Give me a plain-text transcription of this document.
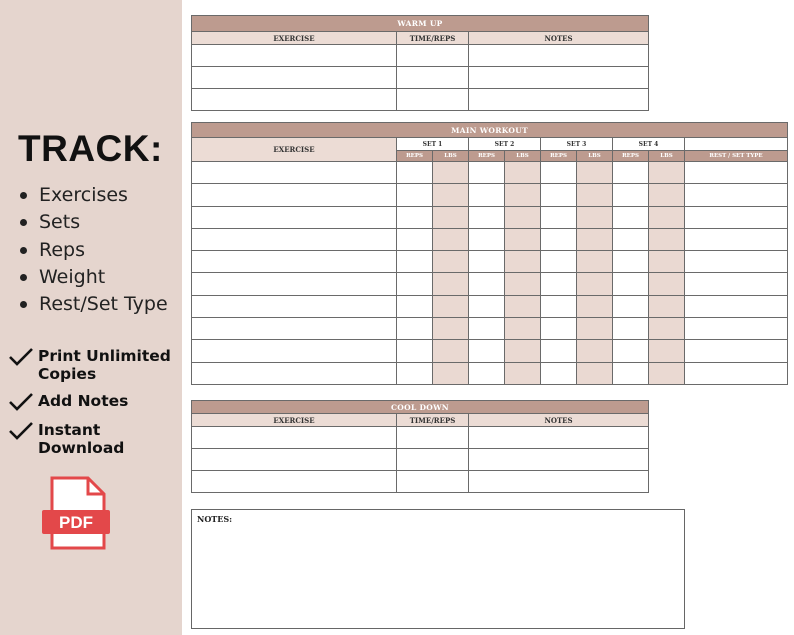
TRACK:
Exercises
Sets
Reps
Weight
Rest/Set Type
Print Unlimited
Copies
Add Notes
Instant
Download
PDF
WARM UP		
EXERCISE	TIME/REPS	NOTES

MAIN WORKOUT									
EXERCISE	SET 1		SET 2		SET 3		SET 4		
	REPS	LBS	REPS	LBS	REPS	LBS	REPS	LBS	REST / SET TYPE

COOL DOWN		
EXERCISE	TIME/REPS	NOTES

NOTES:
